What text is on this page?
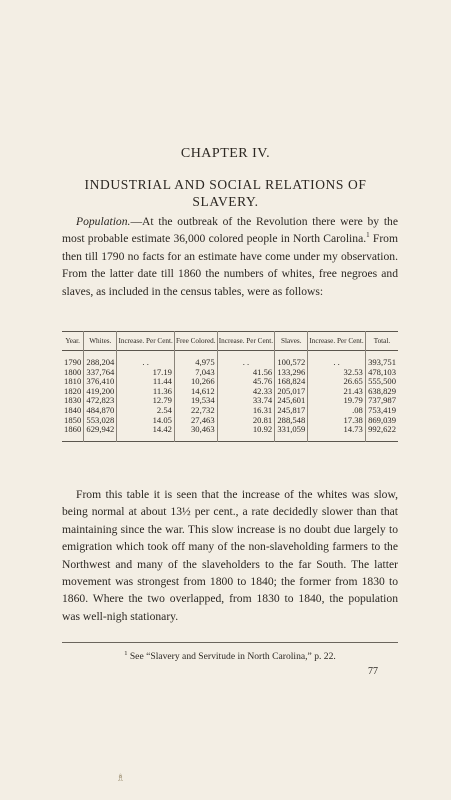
CHAPTER IV.
INDUSTRIAL AND SOCIAL RELATIONS OF
SLAVERY.
Population.—At the outbreak of the Revolution there were by the most probable estimate 36,000 colored people in North Carolina.$^1$ From then till 1790 no facts for an estimate have come under my observation. From the latter date till 1860 the numbers of whites, free negroes and slaves, as included in the census tables, were as follows:
Year.	Whites.	Increase. Per Cent.	Free Colored.	Increase. Per Cent.	Slaves.	Increase. Per Cent.	Total.
1790	288,204	. .	4,975	. .	100,572	. .	393,751
1800	337,764	17.19	7,043	41.56	133,296	32.53	478,103
1810	376,410	11.44	10,266	45.76	168,824	26.65	555,500
1820	419,200	11.36	14,612	42.33	205,017	21.43	638,829
1830	472,823	12.79	19,534	33.74	245,601	19.79	737,987
1840	484,870	2.54	22,732	16.31	245,817	.08	753,419
1850	553,028	14.05	27,463	20.81	288,548	17.38	869,039
1860	629,942	14.42	30,463	10.92	331,059	14.73	992,622
From this table it is seen that the increase of the whites was slow, being normal at about 13½ per cent., a rate decidedly slower than that maintaining since the war. This slow increase is no doubt due largely to emigration which took off many of the non-slaveholding farmers to the Northwest and many of the slaveholders to the far South. The latter movement was strongest from 1800 to 1840; the former from 1830 to 1860. Where the two overlapped, from 1830 to 1840, the population was well-nigh stationary.
$^1$ See “Slavery and Servitude in North Carolina,” p. 22.
77
♗
